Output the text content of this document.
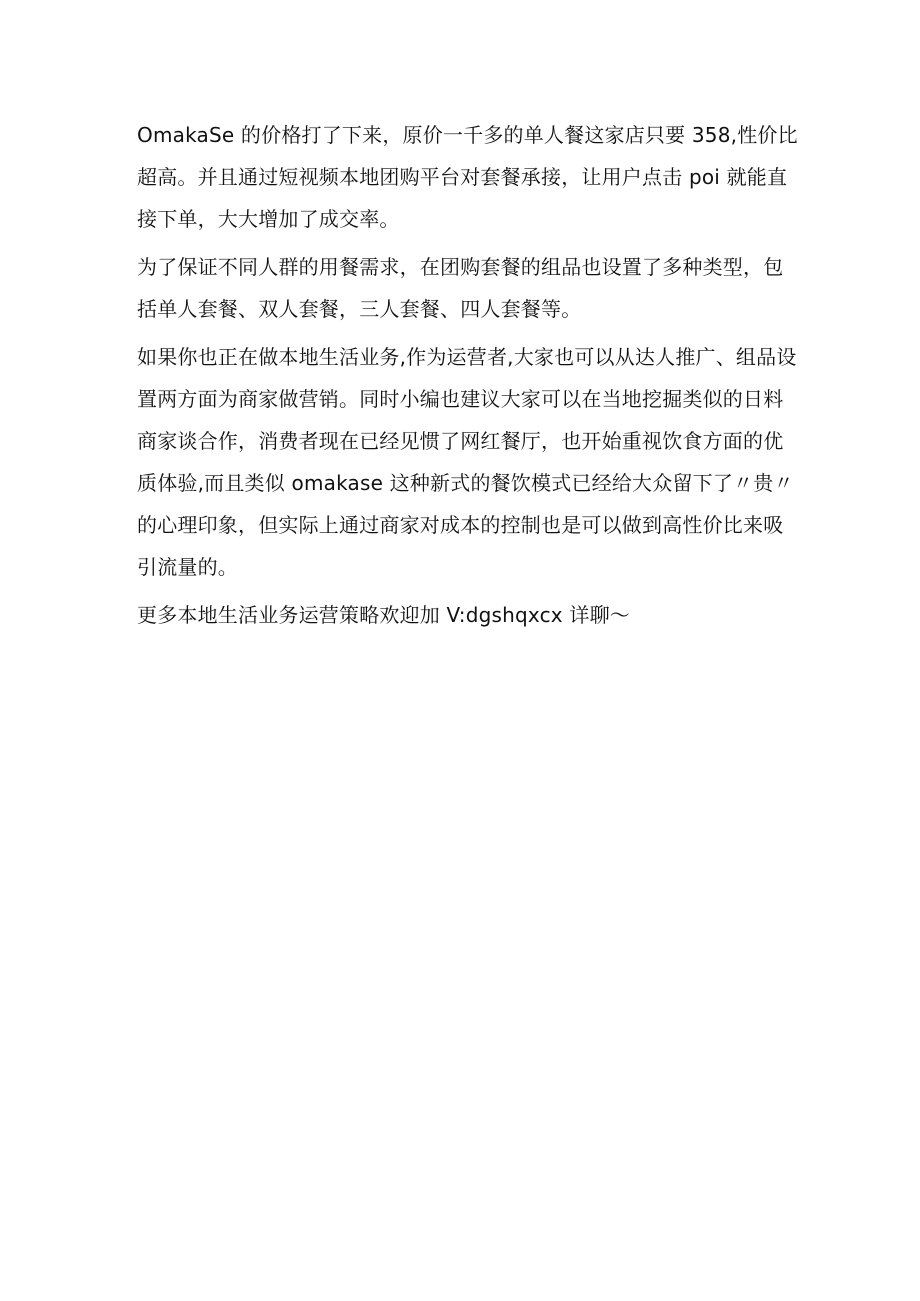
OmakaSe 的价格打了下来，原价一千多的单人餐这家店只要 358,性价比
超高。并且通过短视频本地团购平台对套餐承接，让用户点击 poi 就能直
接下单，大大增加了成交率。

为了保证不同人群的用餐需求，在团购套餐的组品也设置了多种类型，包
括单人套餐、双人套餐，三人套餐、四人套餐等。

如果你也正在做本地生活业务,作为运营者,大家也可以从达人推广、组品设
置两方面为商家做营销。同时小编也建议大家可以在当地挖掘类似的日料
商家谈合作，消费者现在已经见惯了网红餐厅，也开始重视饮食方面的优
质体验,而且类似 omakase 这种新式的餐饮模式已经给大众留下了〃贵〃
的心理印象，但实际上通过商家对成本的控制也是可以做到高性价比来吸
引流量的。

更多本地生活业务运营策略欢迎加 V:dgshqxcx 详聊〜
